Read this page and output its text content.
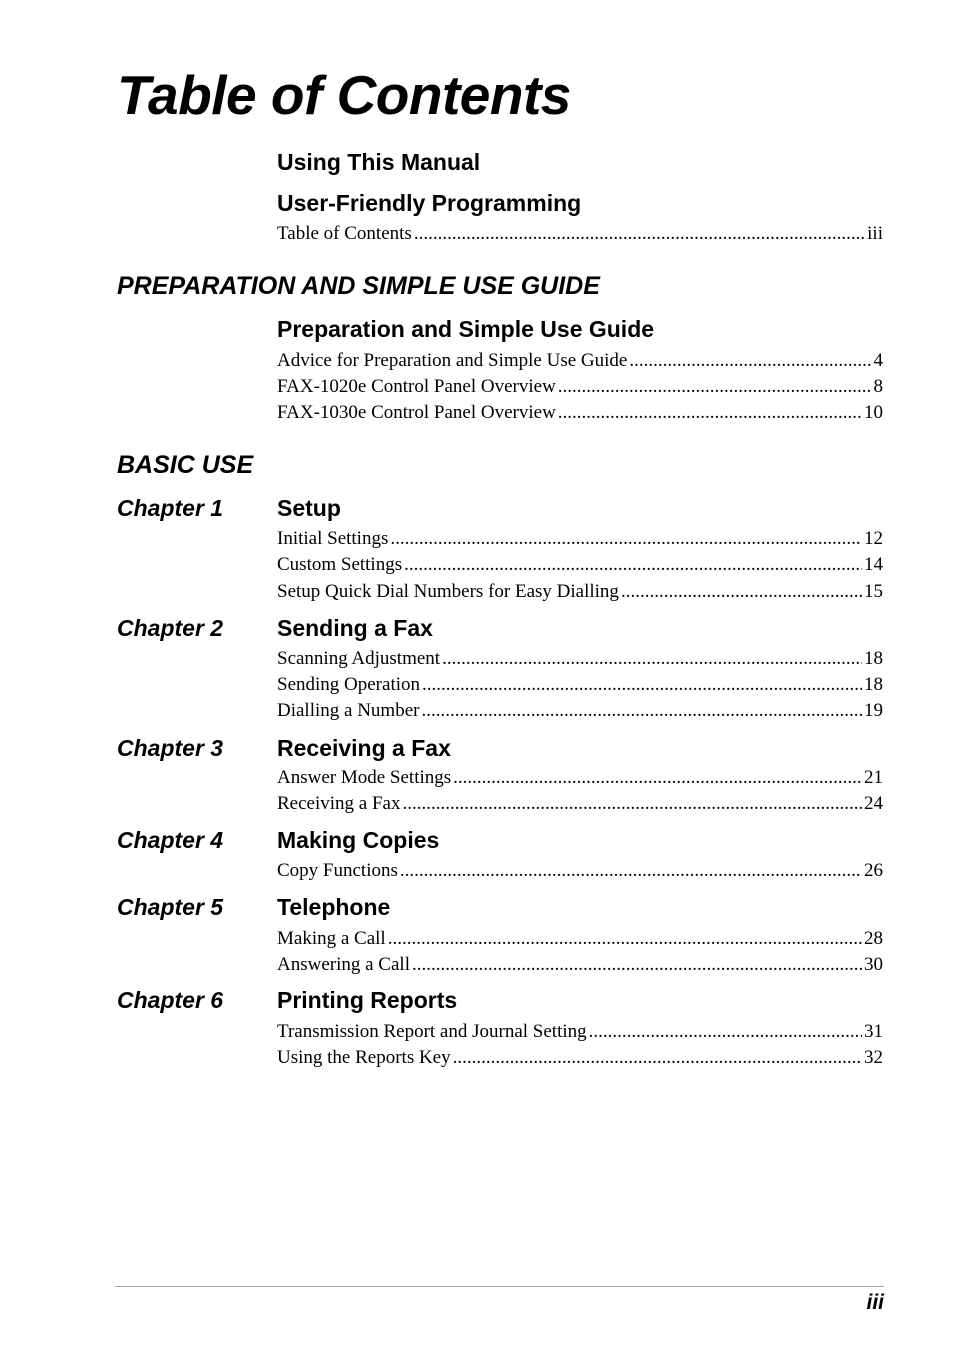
Table of Contents
Using This Manual
User-Friendly Programming
Table of Contents .....	iii
PREPARATION AND SIMPLE USE GUIDE
Preparation and Simple Use Guide
Advice for Preparation and Simple Use Guide .....	4
FAX-1020e Control Panel Overview .....	8
FAX-1030e Control Panel Overview .....	10
BASIC USE
Chapter 1 Setup
Initial Settings .....	12
Custom Settings .....	14
Setup Quick Dial Numbers for Easy Dialling .....	15
Chapter 2 Sending a Fax
Scanning Adjustment .....	18
Sending Operation .....	18
Dialling a Number .....	19
Chapter 3 Receiving a Fax
Answer Mode Settings .....	21
Receiving a Fax .....	24
Chapter 4 Making Copies
Copy Functions .....	26
Chapter 5 Telephone
Making a Call .....	28
Answering a Call .....	30
Chapter 6 Printing Reports
Transmission Report and Journal Setting .....	31
Using the Reports Key .....	32
iii
